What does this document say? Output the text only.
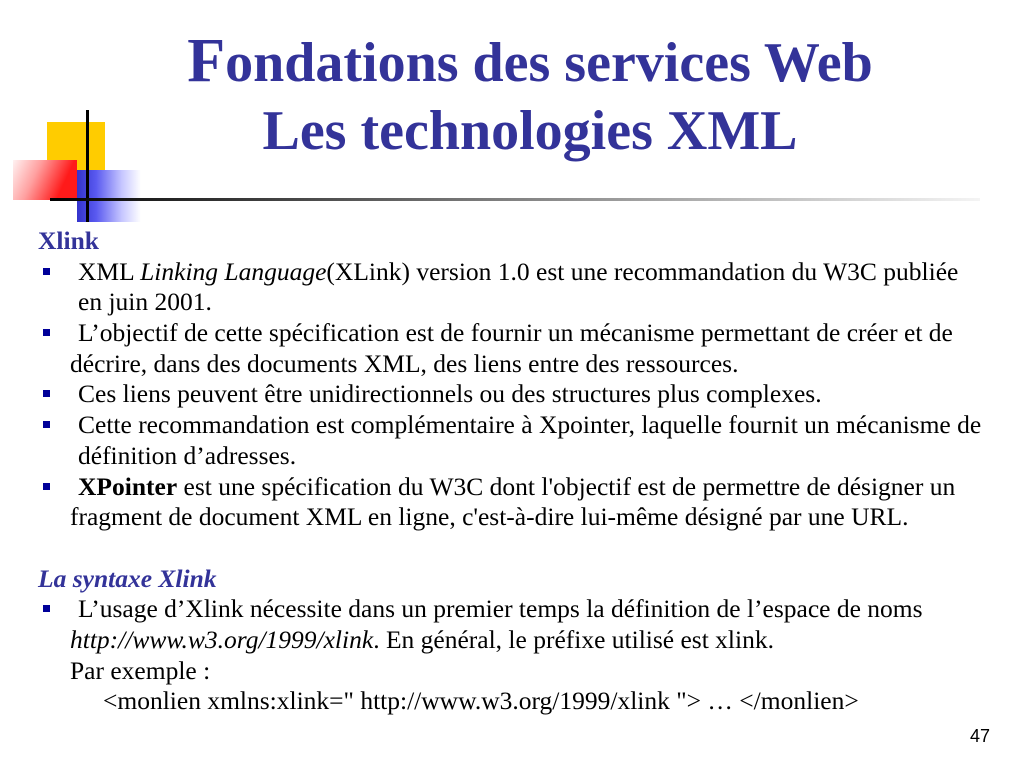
Fondations des services Web
Les technologies XML
Xlink
XML Linking Language(XLink) version 1.0 est une recommandation du W3C publiée
en juin 2001.
L’objectif de cette spécification est de fournir un mécanisme permettant de créer et de
décrire, dans des documents XML, des liens entre des ressources.
Ces liens peuvent être unidirectionnels ou des structures plus complexes.
Cette recommandation est complémentaire à Xpointer, laquelle fournit un mécanisme de
définition d’adresses.
XPointer est une spécification du W3C dont l'objectif est de permettre de désigner un
fragment de document XML en ligne, c'est-à-dire lui-même désigné par une URL.
La syntaxe Xlink
L’usage d’Xlink nécessite dans un premier temps la définition de l’espace de noms
http://www.w3.org/1999/xlink. En général, le préfixe utilisé est xlink.
Par exemple :
<monlien xmlns:xlink=" http://www.w3.org/1999/xlink "> … </monlien>
47
